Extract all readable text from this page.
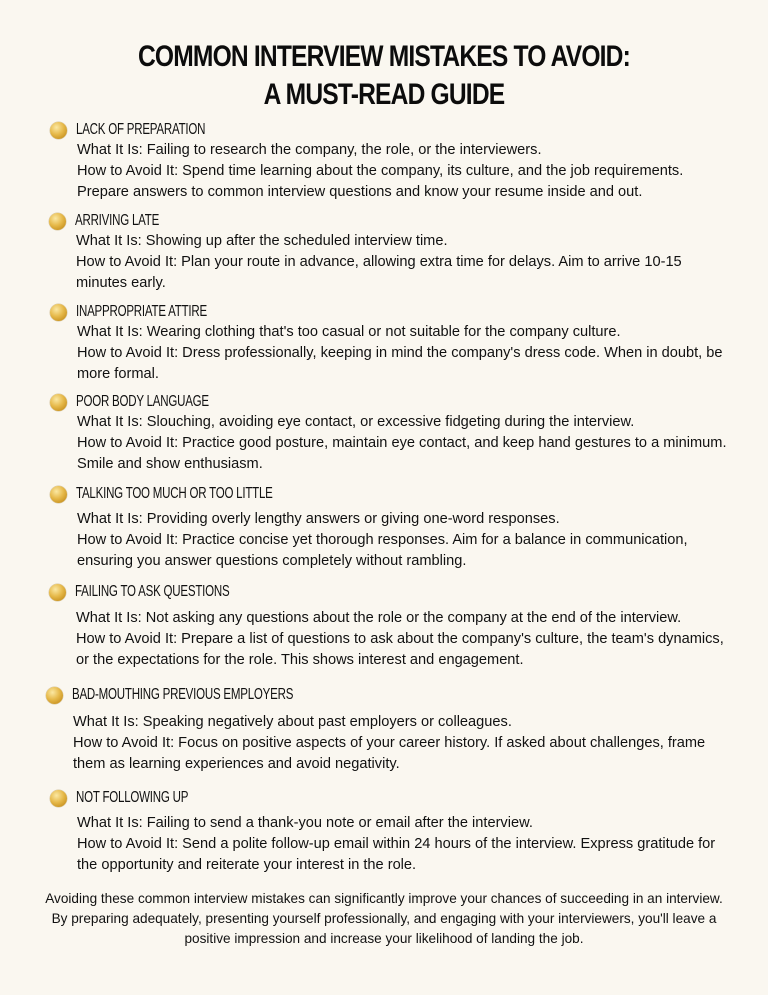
COMMON INTERVIEW MISTAKES TO AVOID:
A MUST-READ GUIDE
LACK OF PREPARATION

What It Is: Failing to research the company, the role, or the interviewers.

How to Avoid It: Spend time learning about the company, its culture, and the job requirements. Prepare answers to common interview questions and know your resume inside and out.

ARRIVING LATE

What It Is: Showing up after the scheduled interview time.

How to Avoid It: Plan your route in advance, allowing extra time for delays. Aim to arrive 10-15 minutes early.

INAPPROPRIATE ATTIRE

What It Is: Wearing clothing that's too casual or not suitable for the company culture.

How to Avoid It: Dress professionally, keeping in mind the company's dress code. When in doubt, be more formal.

POOR BODY LANGUAGE

What It Is: Slouching, avoiding eye contact, or excessive fidgeting during the interview.

How to Avoid It: Practice good posture, maintain eye contact, and keep hand gestures to a minimum. Smile and show enthusiasm.

TALKING TOO MUCH OR TOO LITTLE

What It Is: Providing overly lengthy answers or giving one-word responses.

How to Avoid It: Practice concise yet thorough responses. Aim for a balance in communication, ensuring you answer questions completely without rambling.

FAILING TO ASK QUESTIONS

What It Is: Not asking any questions about the role or the company at the end of the interview.

How to Avoid It: Prepare a list of questions to ask about the company's culture, the team's dynamics, or the expectations for the role. This shows interest and engagement.

BAD-MOUTHING PREVIOUS EMPLOYERS

What It Is: Speaking negatively about past employers or colleagues.

How to Avoid It: Focus on positive aspects of your career history. If asked about challenges, frame them as learning experiences and avoid negativity.

NOT FOLLOWING UP

What It Is: Failing to send a thank-you note or email after the interview.

How to Avoid It: Send a polite follow-up email within 24 hours of the interview. Express gratitude for the opportunity and reiterate your interest in the role.

Avoiding these common interview mistakes can significantly improve your chances of succeeding in an interview. By preparing adequately, presenting yourself professionally, and engaging with your interviewers, you'll leave a positive impression and increase your likelihood of landing the job.
